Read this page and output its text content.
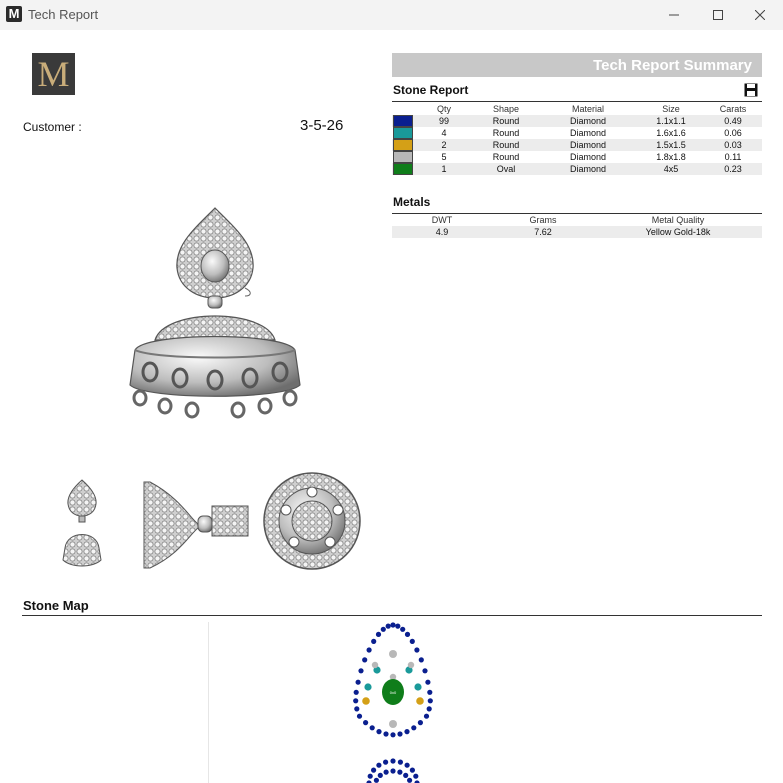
M Tech Report
M
Customer :	3-5-26
Tech Report Summary
Stone Report
	Qty	Shape	Material	Size	Carats
	99	Round	Diamond	1.1x1.1	0.49
	4	Round	Diamond	1.6x1.6	0.06
	2	Round	Diamond	1.5x1.5	0.03
	5	Round	Diamond	1.8x1.8	0.11
	1	Oval	Diamond	4x5	0.23
Metals
DWT	Grams	Metal Quality
4.9	7.62	Yellow Gold-18k
Stone Map
0x0
